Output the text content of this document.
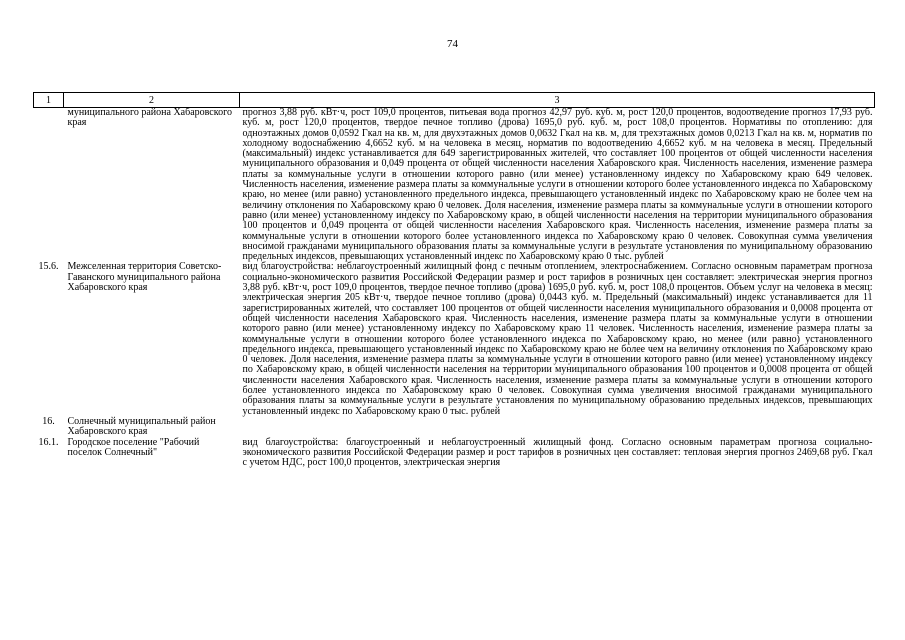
74
1	2	3
	муниципального района Хабаровского края	прогноз 3,88 руб. кВт·ч, рост 109,0 процентов, питьевая вода прогноз 42,97 руб. куб. м, рост 120,0 процентов, водоотведение прогноз 17,93 руб. куб. м, рост 120,0 процентов, твердое печное топливо (дрова) 1695,0 руб. куб. м, рост 108,0 процентов. Нормативы по отоплению: для одноэтажных домов 0,0592 Гкал на кв. м, для двухэтажных домов 0,0632 Гкал на кв. м, для трехэтажных домов 0,0213 Гкал на кв. м, норматив по холодному водоснабжению 4,6652 куб. м на человека в месяц, норматив по водоотведению 4,6652 куб. м на человека в месяц. Предельный (максимальный) индекс устанавливается для 649 зарегистрированных жителей, что составляет 100 процентов от общей численности населения муниципального образования и 0,049 процента от общей численности населения Хабаровского края. Численность населения, изменение размера платы за коммунальные услуги в отношении которого равно (или менее) установленному индексу по Хабаровскому краю 649 человек. Численность населения, изменение размера платы за коммунальные услуги в отношении которого более установленного индекса по Хабаровскому краю, но менее (или равно) установленного предельного индекса, превышающего установленный индекс по Хабаровскому краю не более чем на величину отклонения по Хабаровскому краю 0 человек. Доля населения, изменение размера платы за коммунальные услуги в отношении которого равно (или менее) установленному индексу по Хабаровскому краю, в общей численности населения на территории муниципального образования 100 процентов и 0,049 процента от общей численности населения Хабаровского края. Численность населения, изменение размера платы за коммунальные услуги в отношении которого более установленного индекса по Хабаровскому краю 0 человек. Совокупная сумма увеличения вносимой гражданами муниципального образования платы за коммунальные услуги в результате установления по муниципальному образованию предельных индексов, превышающих установленный индекс по Хабаровскому краю 0 тыс. рублей
15.6.	Межселенная территория Советско-Гаванского муниципального района Хабаровского края	вид благоустройства: неблагоустроенный жилищный фонд с печным отоплением, электроснабжением. Согласно основным параметрам прогноза социально-экономического развития Российской Федерации размер и рост тарифов в розничных цен составляет: электрическая энергия прогноз 3,88 руб. кВт·ч, рост 109,0 процентов, твердое печное топливо (дрова) 1695,0 руб. куб. м, рост 108,0 процентов. Объем услуг на человека в месяц: электрическая энергия 205 кВт·ч, твердое печное топливо (дрова) 0,0443 куб. м. Предельный (максимальный) индекс устанавливается для 11 зарегистрированных жителей, что составляет 100 процентов от общей численности населения муниципального образования и 0,0008 процента от общей численности населения Хабаровского края. Численность населения, изменение размера платы за коммунальные услуги в отношении которого равно (или менее) установленному индексу по Хабаровскому краю 11 человек. Численность населения, изменение размера платы за коммунальные услуги в отношении которого более установленного индекса по Хабаровскому краю, но менее (или равно) установленного предельного индекса, превышающего установленный индекс по Хабаровскому краю не более чем на величину отклонения по Хабаровскому краю 0 человек. Доля населения, изменение размера платы за коммунальные услуги в отношении которого равно (или менее) установленному индексу по Хабаровскому краю, в общей численности населения на территории муниципального образования 100 процентов и 0,0008 процента от общей численности населения Хабаровского края. Численность населения, изменение размера платы за коммунальные услуги в отношении которого более установленного индекса по Хабаровскому краю 0 человек. Совокупная сумма увеличения вносимой гражданами муниципального образования платы за коммунальные услуги в результате установления по муниципальному образованию предельных индексов, превышающих установленный индекс по Хабаровскому краю 0 тыс. рублей
16.	Солнечный муниципальный район Хабаровского края	
16.1.	Городское поселение "Рабочий поселок Солнечный"	вид благоустройства: благоустроенный и неблагоустроенный жилищный фонд. Согласно основным параметрам прогноза социально-экономического развития Российской Федерации размер и рост тарифов в розничных цен составляет: тепловая энергия прогноз 2469,68 руб. Гкал с учетом НДС, рост 100,0 процентов, электрическая энергия
